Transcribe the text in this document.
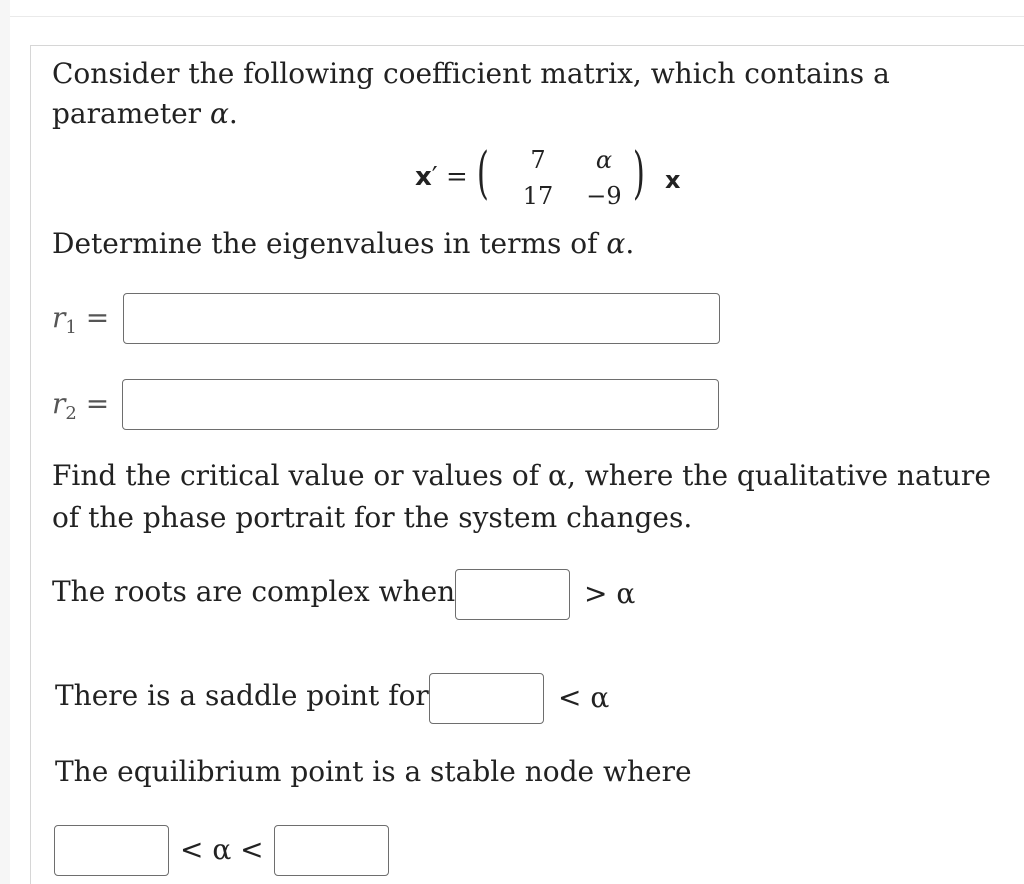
Consider the following coefficient matrix, which contains a
parameter α.
x′ = (	7	α
17	−9 ) x
Determine the eigenvalues in terms of α.
$r_1$ =
$r_2$ =
Find the critical value or values of α, where the qualitative nature
of the phase portrait for the system changes.
The roots are complex when	> α
There is a saddle point for	< α
The equilibrium point is a stable node where
< α <
